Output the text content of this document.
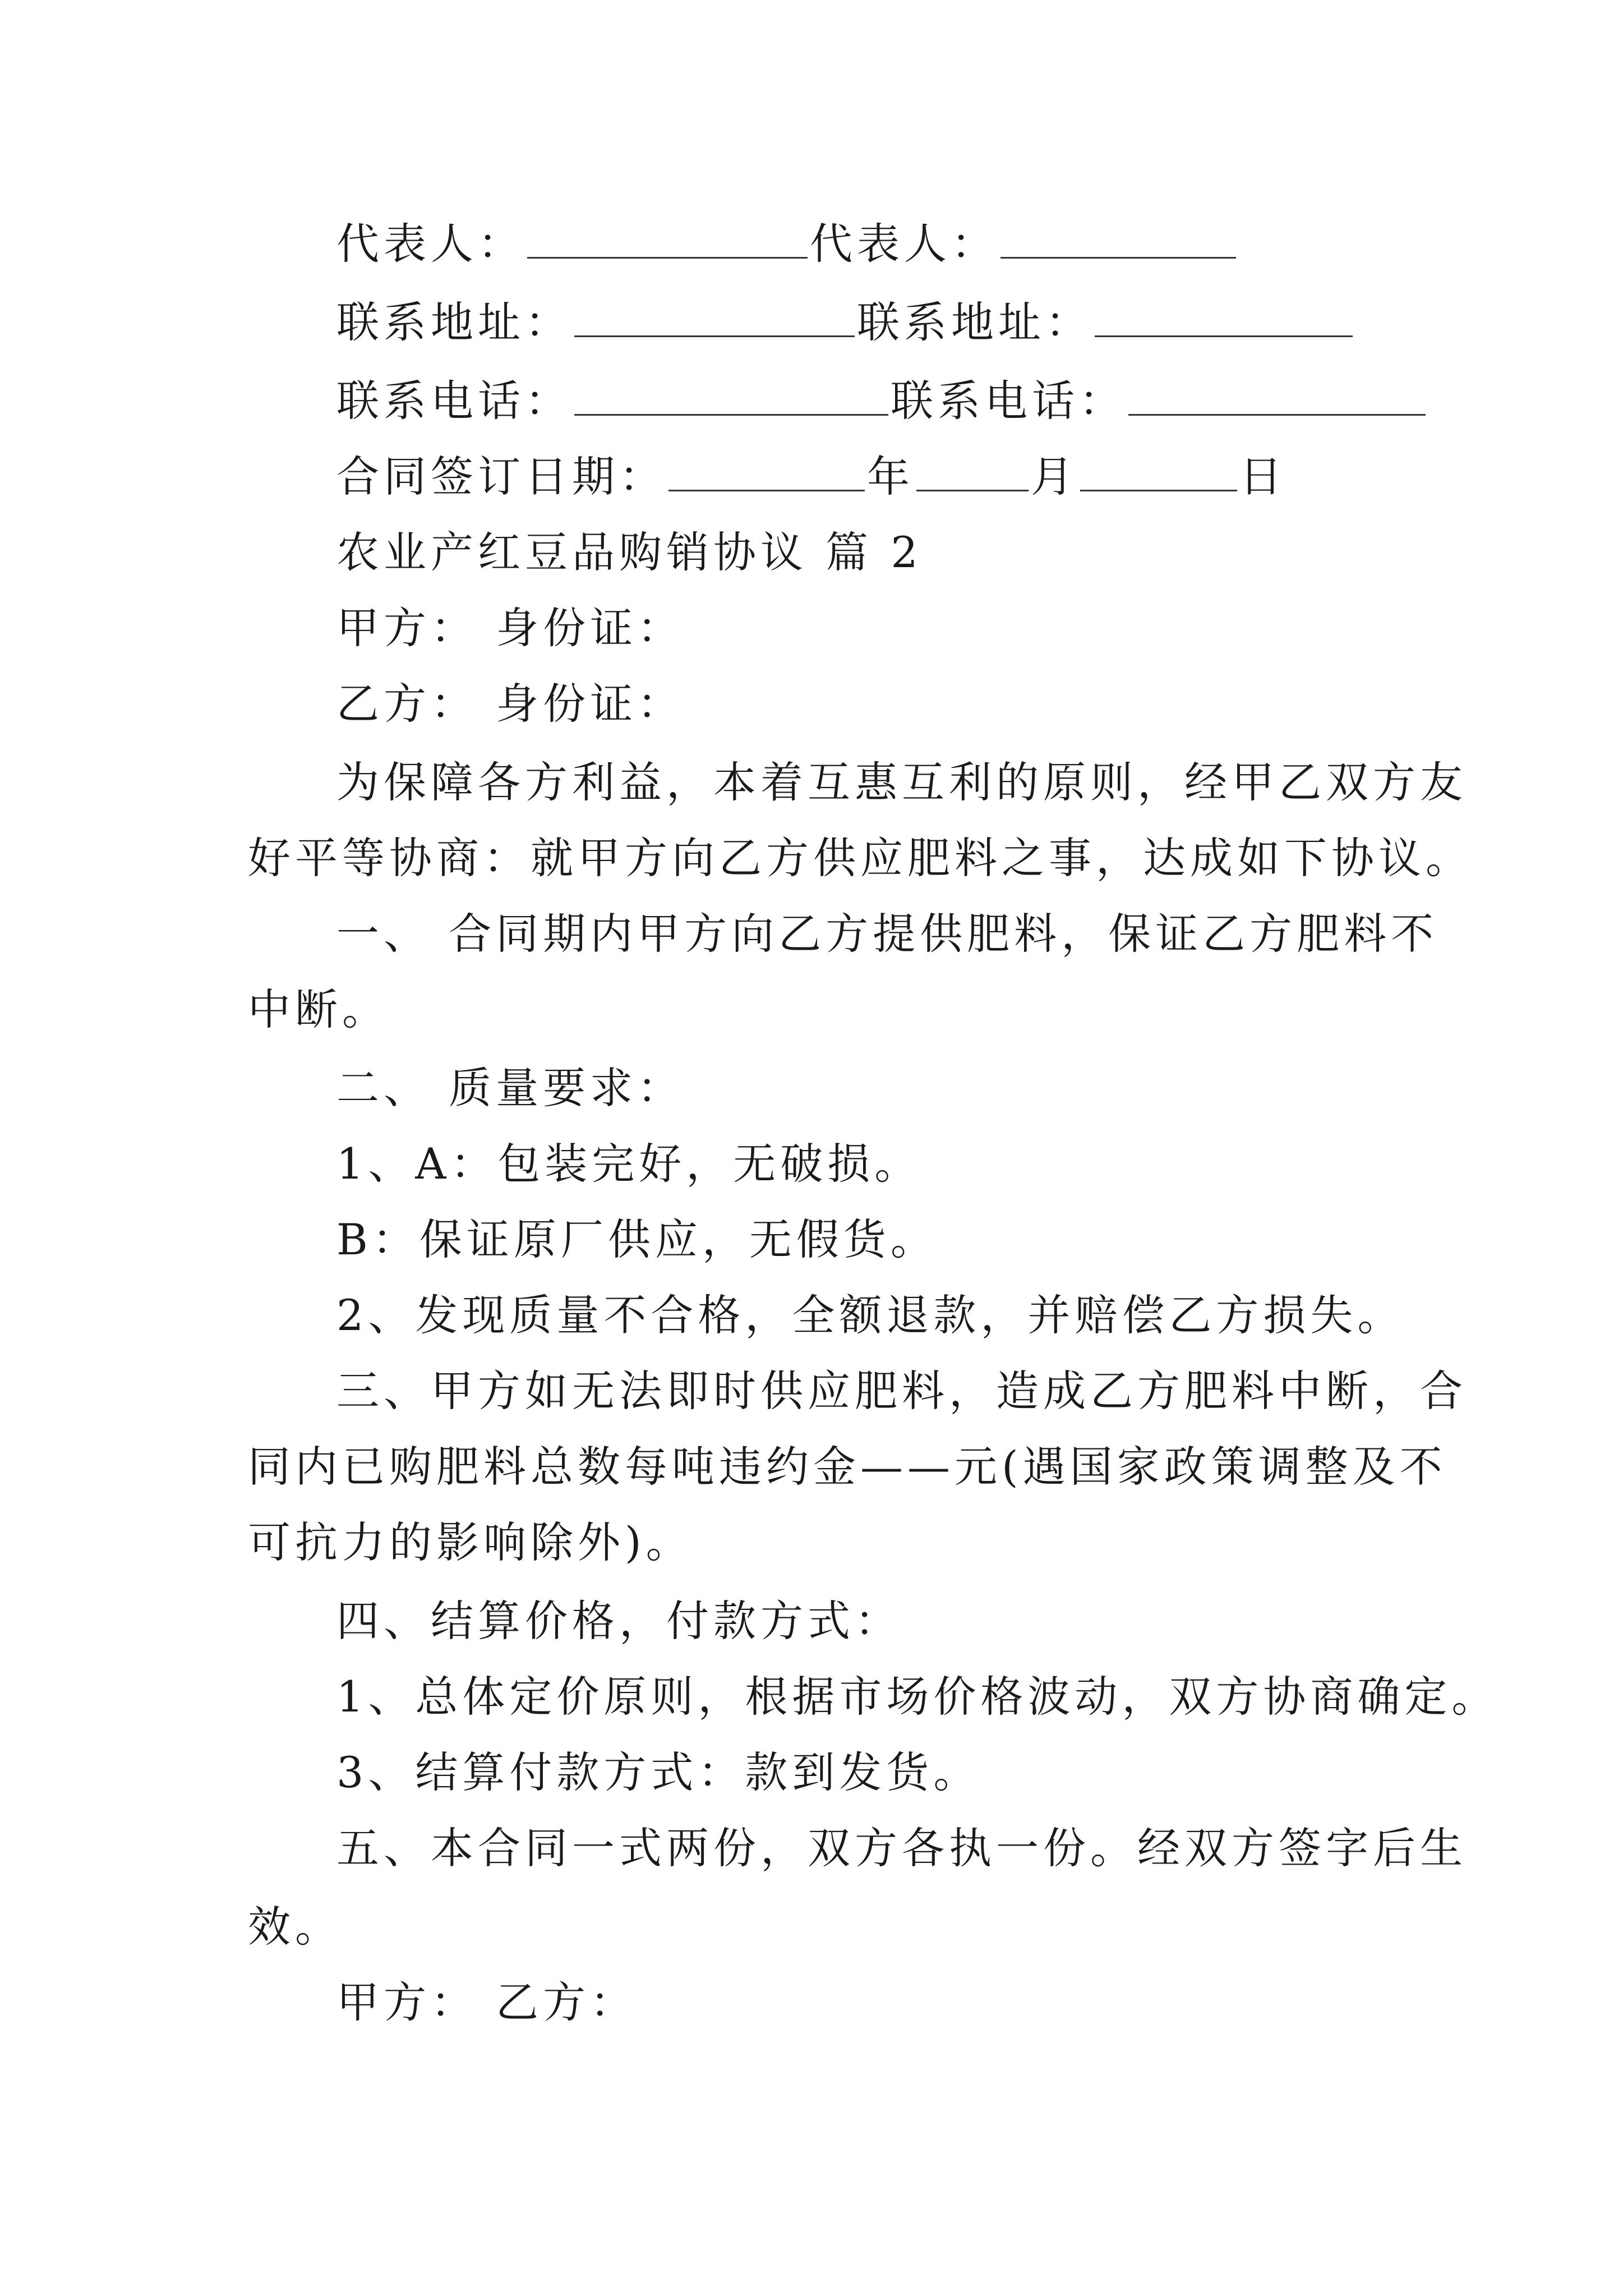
代表人：	代表人：
联系地址：	联系地址：
联系电话：	联系电话：
合同签订日期：	年	月	日
农业产红豆品购销协议 篇 2
甲方： 身份证：
乙方： 身份证：
为保障各方利益，本着互惠互利的原则，经甲乙双方友
好平等协商：就甲方向乙方供应肥料之事，达成如下协议。
一、 合同期内甲方向乙方提供肥料，保证乙方肥料不
中断。
二、 质量要求：
1、A：包装完好，无破损。
B：保证原厂供应，无假货。
2、发现质量不合格，全额退款，并赔偿乙方损失。
三、甲方如无法即时供应肥料，造成乙方肥料中断，合
同内已购肥料总数每吨违约金——元(遇国家政策调整及不
可抗力的影响除外)。
四、结算价格，付款方式：
1、总体定价原则，根据市场价格波动，双方协商确定。
3、结算付款方式：款到发货。
五、本合同一式两份，双方各执一份。经双方签字后生
效。
甲方： 乙方：
